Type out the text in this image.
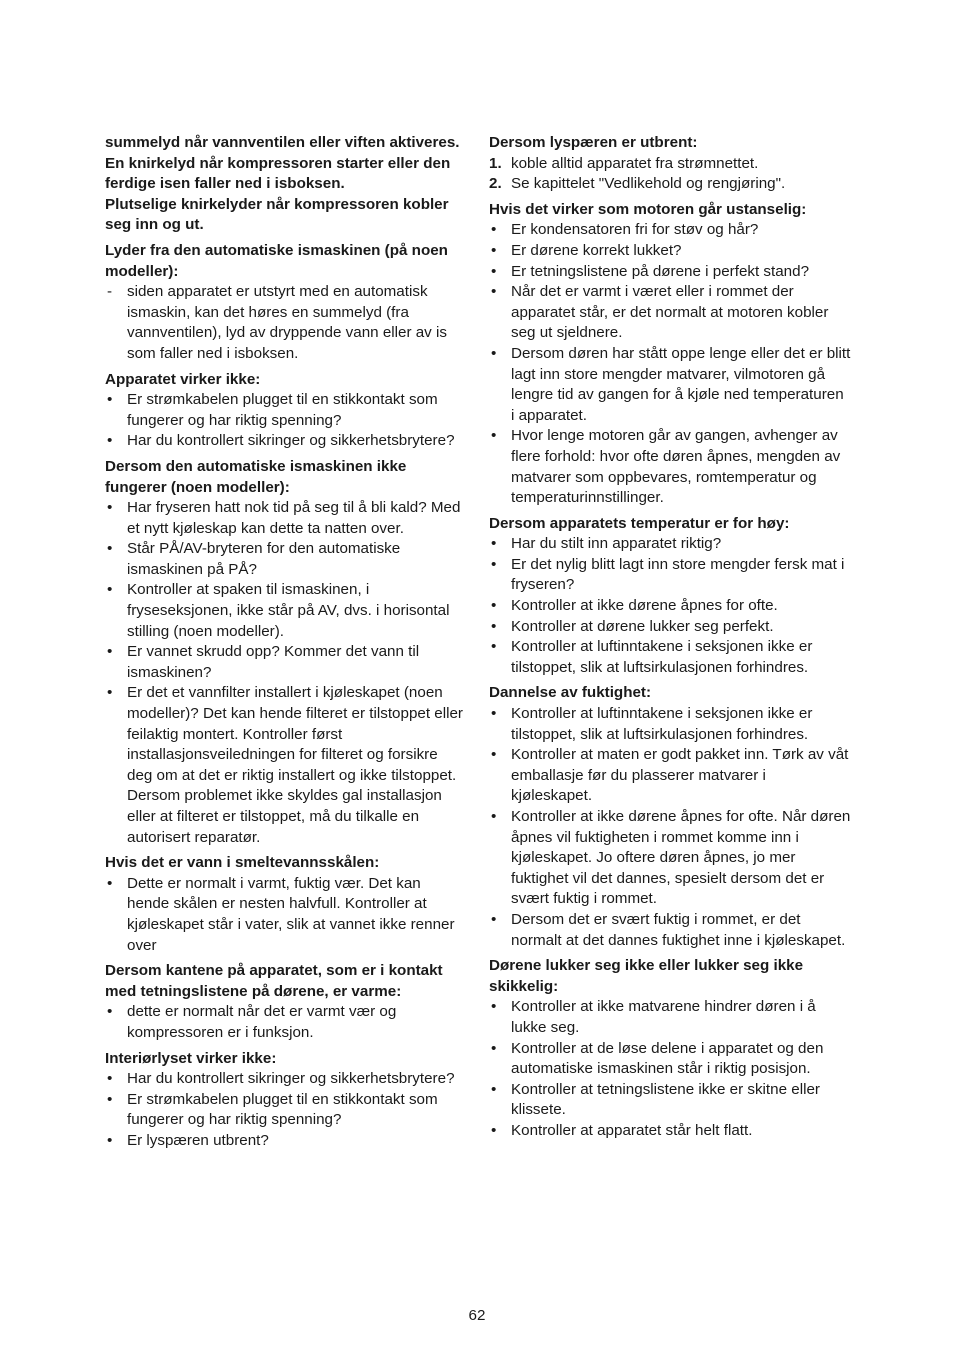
summelyd når vannventilen eller viften aktiveres.

En knirkelyd når kompressoren starter eller den ferdige isen faller ned i isboksen.

Plutselige knirkelyder når kompressoren kobler seg inn og ut.

Lyder fra den automatiske ismaskinen (på noen modeller):

- siden apparatet er utstyrt med en automatisk ismaskin, kan det høres en summelyd (fra vannventilen), lyd av dryppende vann eller av is som faller ned i isboksen.

Apparatet virker ikke:

• Er strømkabelen plugget til en stikkontakt som fungerer og har riktig spenning?
• Har du kontrollert sikringer og sikkerhetsbrytere?

Dersom den automatiske ismaskinen ikke fungerer (noen modeller):

• Har fryseren hatt nok tid på seg til å bli kald? Med et nytt kjøleskap kan dette ta natten over.
• Står PÅ/AV-bryteren for den automatiske ismaskinen på PÅ?
• Kontroller at spaken til ismaskinen, i fryseseksjonen, ikke står på AV, dvs. i horisontal stilling (noen modeller).
• Er vannet skrudd opp? Kommer det vann til ismaskinen?
• Er det et vannfilter installert i kjøleskapet (noen modeller)? Det kan hende filteret er tilstoppet eller feilaktig montert. Kontroller først installasjonsveiledningen for filteret og forsikre deg om at det er riktig installert og ikke tilstoppet. Dersom problemet ikke skyldes gal installasjon eller at filteret er tilstoppet, må du tilkalle en autorisert reparatør.

Hvis det er vann i smeltevannsskålen:

• Dette er normalt i varmt, fuktig vær. Det kan hende skålen er nesten halvfull. Kontroller at kjøleskapet står i vater, slik at vannet ikke renner over

Dersom kantene på apparatet, som er i kontakt med tetningslistene på dørene, er varme:

• dette er normalt når det er varmt vær og kompressoren er i funksjon.

Interiørlyset virker ikke:

• Har du kontrollert sikringer og sikkerhetsbrytere?
• Er strømkabelen plugget til en stikkontakt som fungerer og har riktig spenning?
• Er lyspæren utbrent?

Dersom lyspæren er utbrent:

1. koble alltid apparatet fra strømnettet.
2. Se kapittelet "Vedlikehold og rengjøring".

Hvis det virker som motoren går ustanselig:

• Er kondensatoren fri for støv og hår?
• Er dørene korrekt lukket?
• Er tetningslistene på dørene i perfekt stand?
• Når det er varmt i været eller i rommet der apparatet står, er det normalt at motoren kobler seg ut sjeldnere.
• Dersom døren har stått oppe lenge eller det er blitt lagt inn store mengder matvarer, vilmotoren gå lengre tid av gangen for å kjøle ned temperaturen i apparatet.
• Hvor lenge motoren går av gangen, avhenger av flere forhold: hvor ofte døren åpnes, mengden av matvarer som oppbevares, romtemperatur og temperaturinnstillinger.

Dersom apparatets temperatur er for høy:

• Har du stilt inn apparatet riktig?
• Er det nylig blitt lagt inn store mengder fersk mat i fryseren?
• Kontroller at ikke dørene åpnes for ofte.
• Kontroller at dørene lukker seg perfekt.
• Kontroller at luftinntakene i seksjonen ikke er tilstoppet, slik at luftsirkulasjonen forhindres.

Dannelse av fuktighet:

• Kontroller at luftinntakene i seksjonen ikke er tilstoppet, slik at luftsirkulasjonen forhindres.
• Kontroller at maten er godt pakket inn. Tørk av våt emballasje før du plasserer matvarer i kjøleskapet.
• Kontroller at ikke dørene åpnes for ofte. Når døren åpnes vil fuktigheten i rommet komme inn i kjøleskapet. Jo oftere døren åpnes, jo mer fuktighet vil det dannes, spesielt dersom det er svært fuktig i rommet.
• Dersom det er svært fuktig i rommet, er det normalt at det dannes fuktighet inne i kjøleskapet.

Dørene lukker seg ikke eller lukker seg ikke skikkelig:

• Kontroller at ikke matvarene hindrer døren i å lukke seg.
• Kontroller at de løse delene i apparatet og den automatiske ismaskinen står i riktig posisjon.
• Kontroller at tetningslistene ikke er skitne eller klissete.
• Kontroller at apparatet står helt flatt.
62
